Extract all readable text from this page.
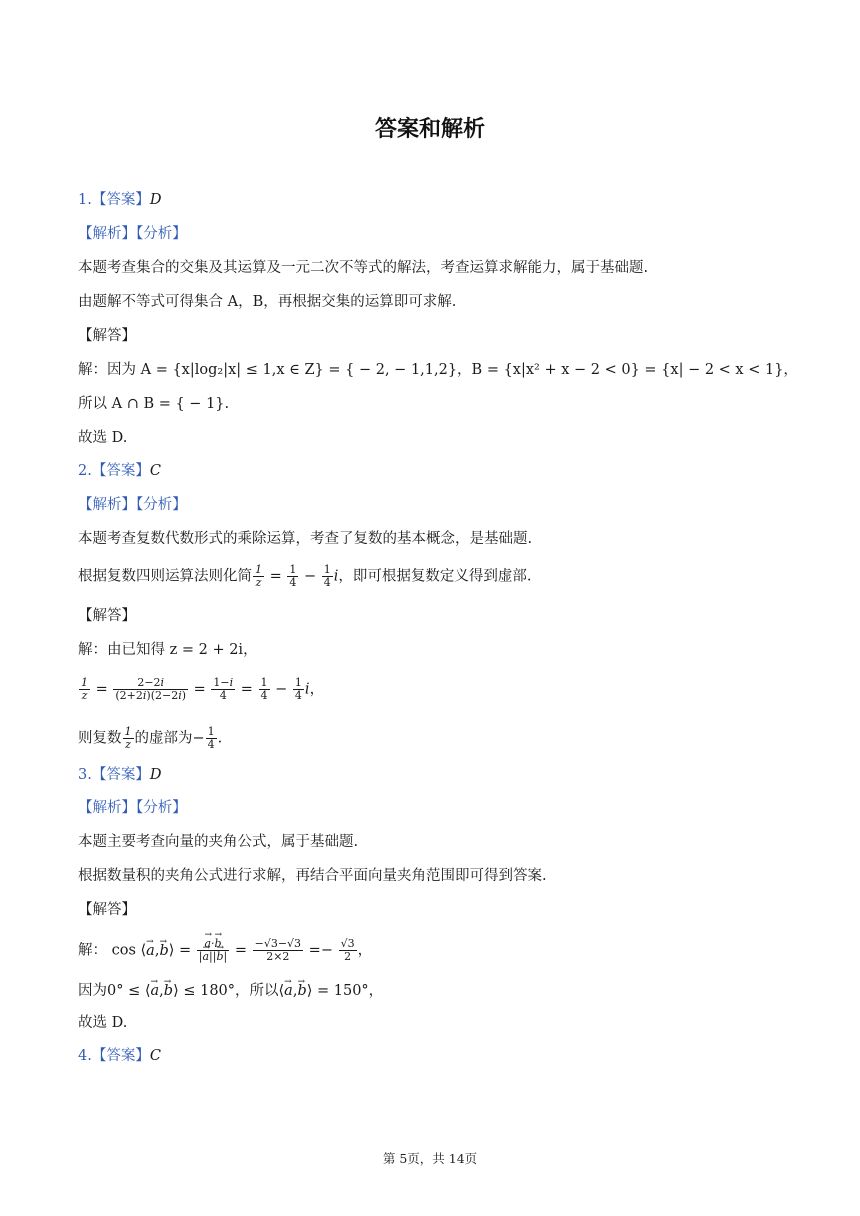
答案和解析
1.【答案】D
【解析】【分析】
本题考查集合的交集及其运算及一元二次不等式的解法，考查运算求解能力，属于基础题.
由题解不等式可得集合 A，B，再根据交集的运算即可求解.
【解答】
解：因为 A = {x|log₂|x| ≤ 1,x ∈ Z} = { − 2, − 1,1,2}，B = {x|x² + x − 2 < 0} = {x| − 2 < x < 1}，
所以 A ∩ B = { − 1}.
故选 D.
2.【答案】C
【解析】【分析】
本题考查复数代数形式的乘除运算，考查了复数的基本概念，是基础题.
根据复数四则运算法则化简 $\frac{1}{z} = \frac{1}{4} - \frac{1}{4}$ i，即可根据复数定义得到虚部.
【解答】
解：由已知得 z = 2 + 2i，
$\frac{1}{z} = \frac{2-2i}{(2+2i)(2-2i)} = \frac{1-i}{4} = \frac{1}{4} - \frac{1}{4}$ i，
则复数 $\frac{1}{z}$ 的虚部为− $\frac{1}{4}$ .
3.【答案】D
【解析】【分析】
本题主要考查向量的夹角公式，属于基础题.
根据数量积的夹角公式进行求解，再结合平面向量夹角范围即可得到答案.
【解答】
解： cos ⟨→ a,→ b⟩ =
→ $\frac{a\cdot\to b}{|\to a||\to b|} = \frac{-√3-√3}{2\times 2} =- \frac{√3}{2}$ ，
因为0° ≤ ⟨→ a,→ b⟩ ≤ 180°，所以⟨→ a,→ b⟩ = 150°，
故选 D.
4.【答案】C
第 5页，共 14页
